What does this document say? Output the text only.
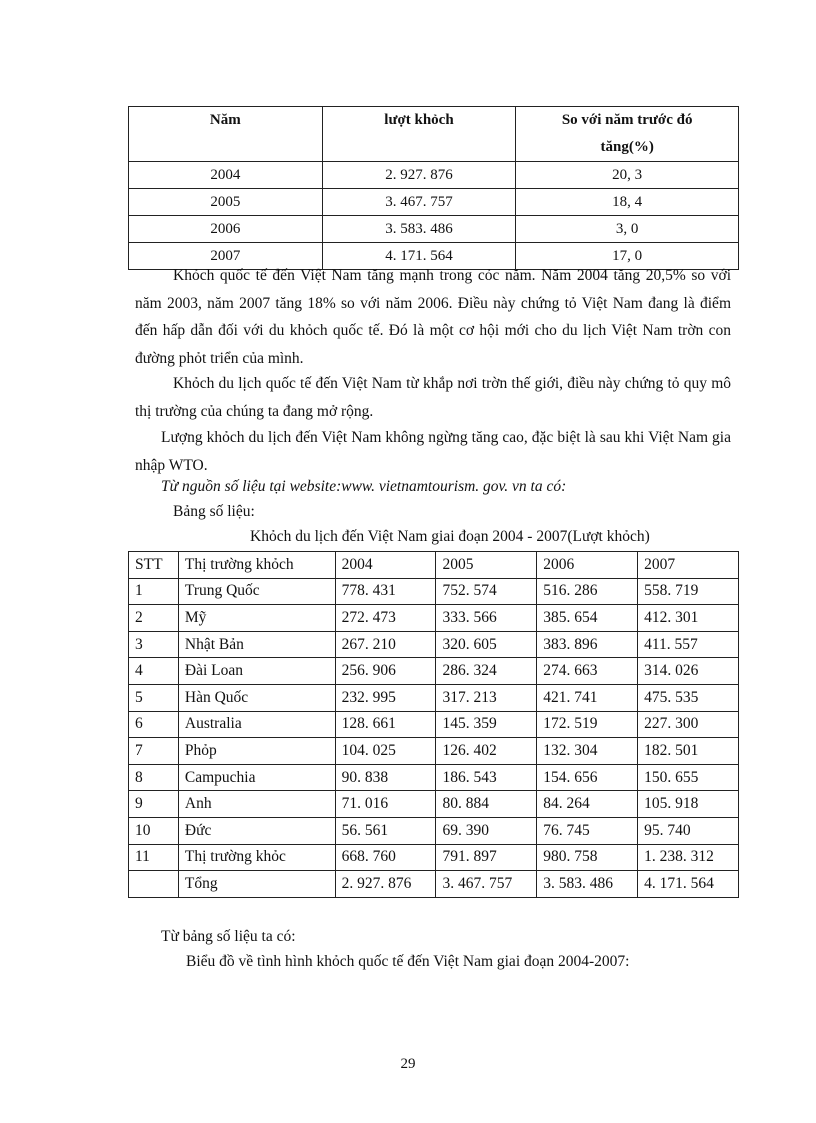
Năm	lượt khỏch	So với năm trước đó
tăng(%)

2004	2. 927. 876	20, 3
2005	3. 467. 757	18, 4
2006	3. 583. 486	3, 0
2007	4. 171. 564	17, 0

Khỏch quốc tế đến Việt Nam tăng mạnh trong cỏc năm. Năm 2004 tăng 20,5% so với năm 2003, năm 2007 tăng 18% so với năm 2006. Điều này chứng tỏ Việt Nam đang là điểm đến hấp dẫn đối với du khỏch quốc tế. Đó là một cơ hội mới cho du lịch Việt Nam trờn con đường phỏt triển của mình.

Khỏch du lịch quốc tế đến Việt Nam từ khắp nơi trờn thế giới, điều này chứng tỏ quy mô thị trường của chúng ta đang mở rộng.

Lượng khỏch du lịch đến Việt Nam không ngừng tăng cao, đặc biệt là sau khi Việt Nam gia nhập WTO.

Từ nguồn số liệu tại website:www. vietnamtourism. gov. vn ta có:
Bảng số liệu:
Khỏch du lịch đến Việt Nam giai đoạn 2004 - 2007(Lượt khỏch)
STT	Thị trường khỏch	2004	2005	2006	2007
1	Trung Quốc	778. 431	752. 574	516. 286	558. 719
2	Mỹ	272. 473	333. 566	385. 654	412. 301
3	Nhật Bản	267. 210	320. 605	383. 896	411. 557
4	Đài Loan	256. 906	286. 324	274. 663	314. 026
5	Hàn Quốc	232. 995	317. 213	421. 741	475. 535
6	Australia	128. 661	145. 359	172. 519	227. 300
7	Phỏp	104. 025	126. 402	132. 304	182. 501
8	Campuchia	90. 838	186. 543	154. 656	150. 655
9	Anh	71. 016	80. 884	84. 264	105. 918
10	Đức	56. 561	69. 390	76. 745	95. 740
11	Thị trường khỏc	668. 760	791. 897	980. 758	1. 238. 312
	Tổng	2. 927. 876	3. 467. 757	3. 583. 486	4. 171. 564
Từ bảng số liệu ta có:
Biểu đồ về tình hình khỏch quốc tế đến Việt Nam giai đoạn 2004-2007:
29
